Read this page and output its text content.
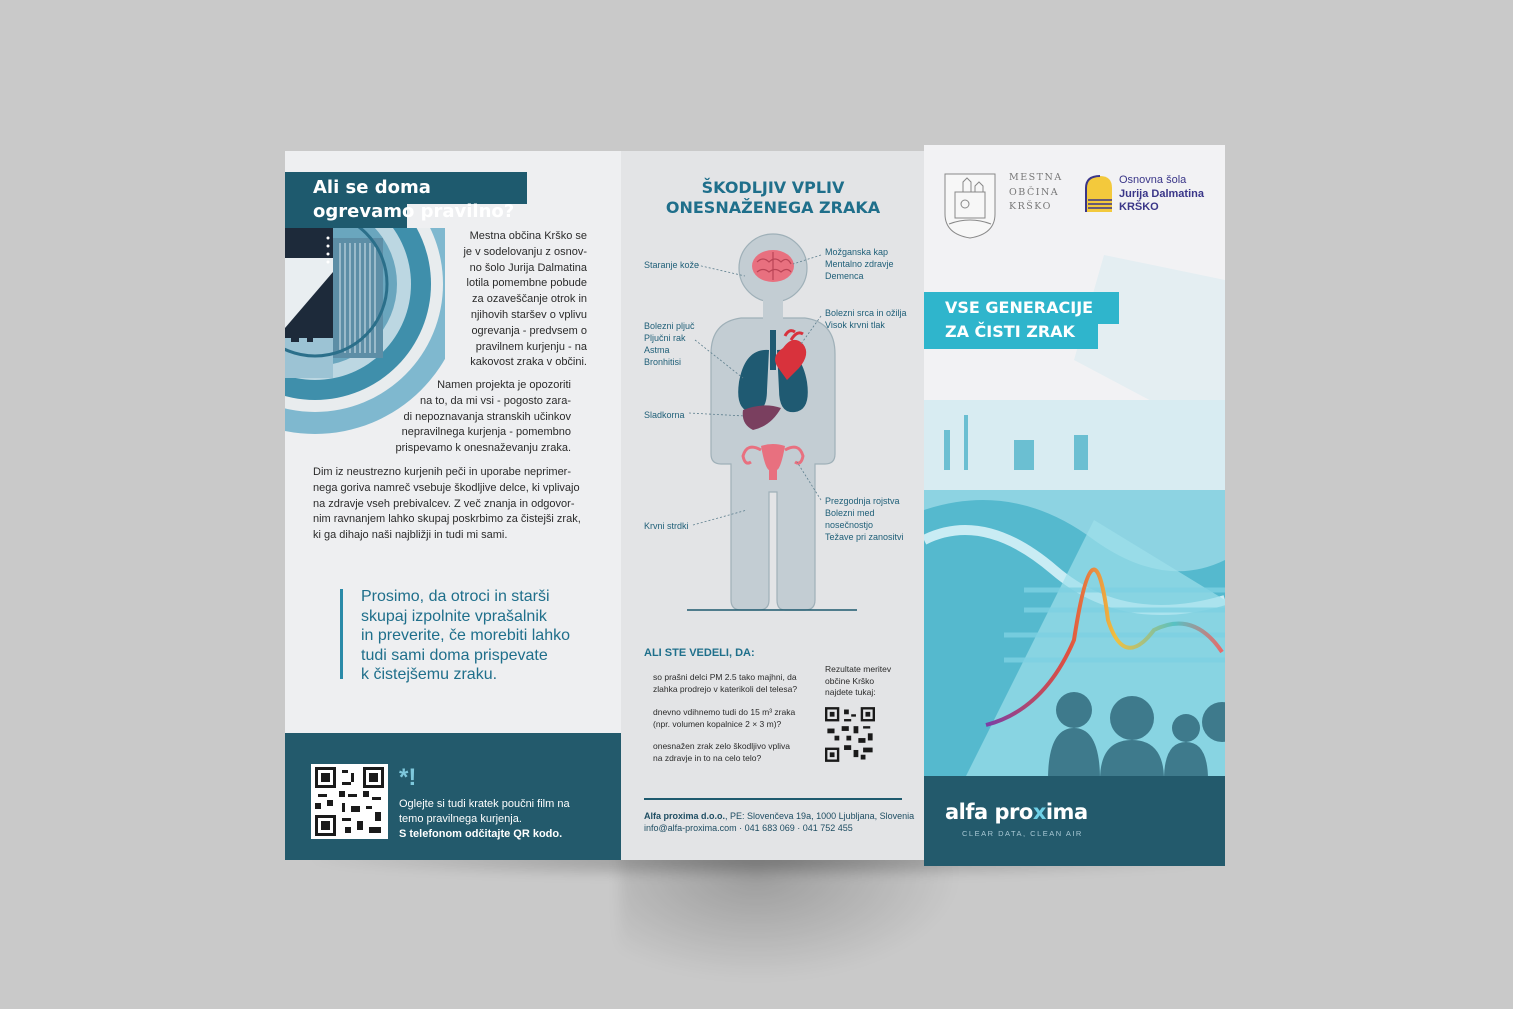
Ali se doma ogrevamo pravilno?
Mestna občina Krško se
je v sodelovanju z osnov-
no šolo Jurija Dalmatina
lotila pomembne pobude
za ozaveščanje otrok in
njihovih staršev o vplivu
ogrevanja - predvsem o
pravilnem kurjenju - na
kakovost zraka v občini.
Namen projekta je opozoriti
na to, da mi vsi - pogosto zara-
di nepoznavanja stranskih učinkov
nepravilnega kurjenja - pomembno
prispevamo k onesnaževanju zraka.
Dim iz neustrezno kurjenih peči in uporabe neprimer-
nega goriva namreč vsebuje škodljive delce, ki vplivajo
na zdravje vseh prebivalcev. Z več znanja in odgovor-
nim ravnanjem lahko skupaj poskrbimo za čistejši zrak,
ki ga dihajo naši najbližji in tudi mi sami.
Prosimo, da otroci in starši
skupaj izpolnite vprašalnik
in preverite, če morebiti lahko
tudi sami doma prispevate
k čistejšemu zraku.
*!
Oglejte si tudi kratek poučni film na
temo pravilnega kurjenja.
S telefonom odčitajte QR kodo.
ŠKODLJIV VPLIV
ONESNAŽENEGA ZRAKA
Staranje kože
Možganska kap
Mentalno zdravje
Demenca
Bolezni srca in ožilja
Visok krvni tlak
Bolezni pljuč
Pljučni rak
Astma
Bronhitisi
Sladkorna
Prezgodnja rojstva
Bolezni med
nosečnostjo
Težave pri zanositvi
Krvni strdki
ALI STE VEDELI, DA:
so prašni delci PM 2.5 tako majhni, da
zlahka prodrejo v katerikoli del telesa?
dnevno vdihnemo tudi do 15 m³ zraka
(npr. volumen kopalnice 2 × 3 m)?
onesnažen zrak zelo škodljivo vpliva
na zdravje in to na celo telo?
Rezultate meritev
občine Krško
najdete tukaj:
Alfa proxima d.o.o., PE: Slovenčeva 19a, 1000 Ljubljana, Slovenia
info@alfa-proxima.com · 041 683 069 · 041 752 455
MESTNA
OBČINA
KRŠKO
Osnovna šola
Jurija Dalmatina
KRŠKO
VSE GENERACIJE
ZA ČISTI ZRAK
alfa proxima
CLEAR DATA, CLEAN AIR
